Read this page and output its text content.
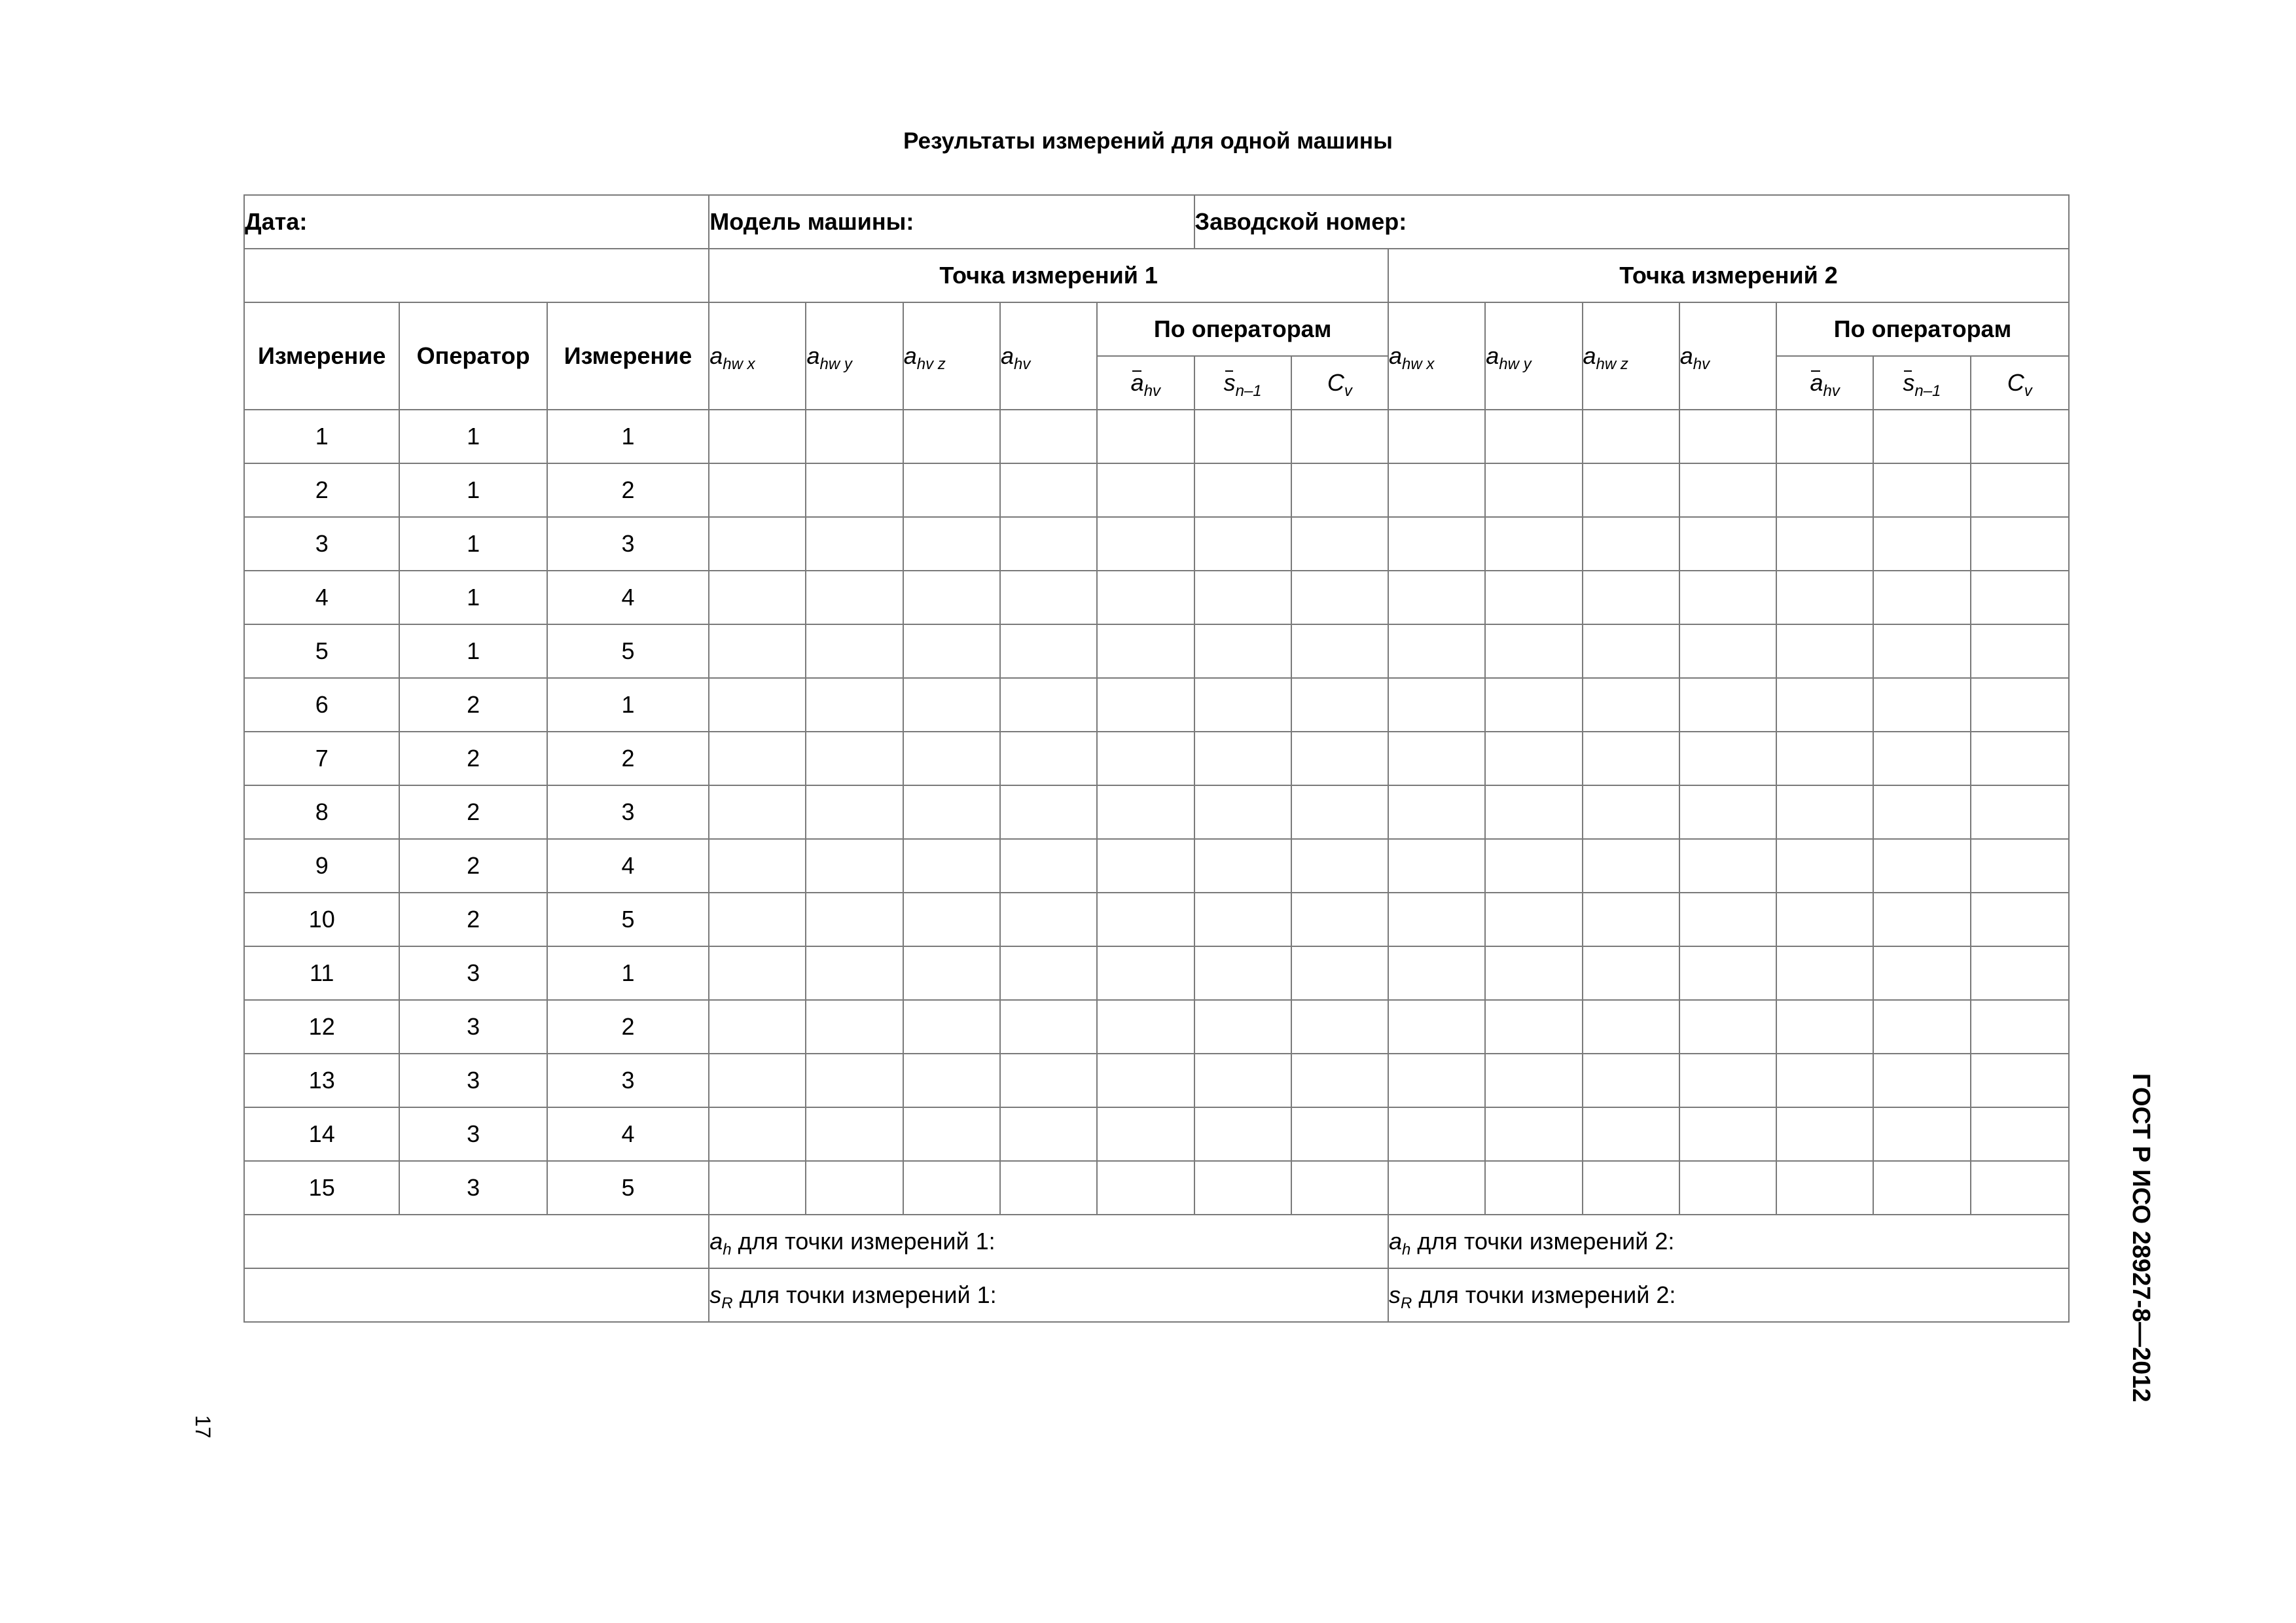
Результаты измерений для одной машины
Дата:			Модель машины:					Заводской номер:								
			Точка измерений 1							Точка измерений 2						
Измерение	Оператор	Измерение	$a_{hw x}$	$a_{hw y}$	$a_{hv z}$	$a_{hv}$	По операторам			$a_{hw x}$	$a_{hw y}$	$a_{hw z}$	$a_{hv}$	По операторам		
							$a_{hv}$	$s_{n-1}$	$C_v$					$a_{hv}$	$s_{n-1}$	$C_v$
1	1	1														
2	1	2														
3	1	3														
4	1	4														
5	1	5														
6	2	1														
7	2	2														
8	2	3														
9	2	4														
10	2	5														
11	3	1														
12	3	2														
13	3	3														
14	3	4														
15	3	5														
			$a_h$ для точки измерений 1:							$a_h$ для точки измерений 2:						
			$s_R$ для точки измерений 1:							$s_R$ для точки измерений 2:							ГОСТ Р ИСО 28927-8—2012
17
